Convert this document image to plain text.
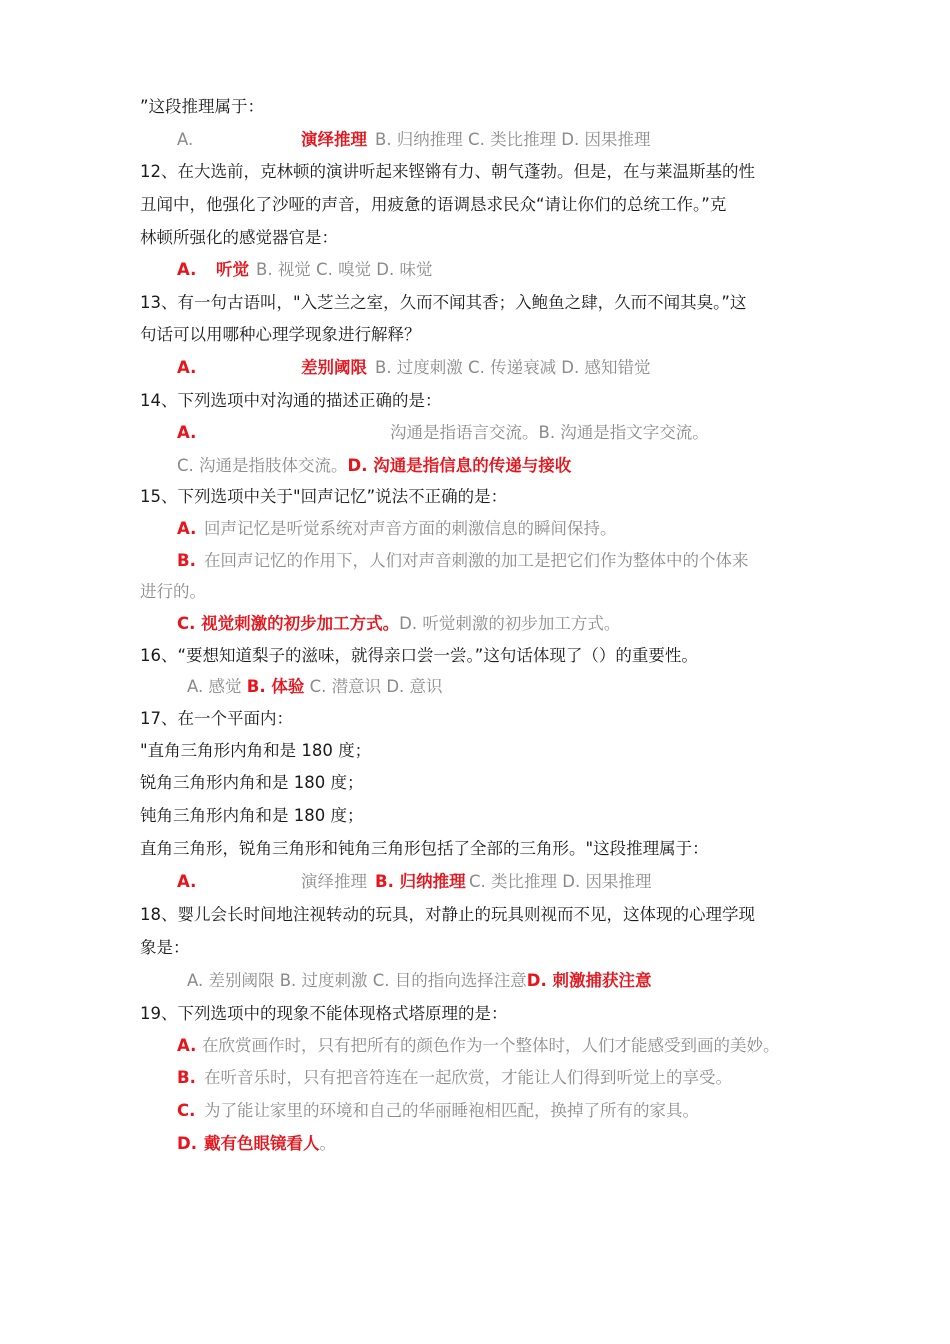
”这段推理属于：
A.	演绎推理 B. 归纳推理 C. 类比推理 D. 因果推理
12、在大选前，克林顿的演讲听起来铿锵有力、朝气蓬勃。但是，在与莱温斯基的性
丑闻中，他强化了沙哑的声音，用疲惫的语调恳求民众“请让你们的总统工作。”克
林顿所强化的感觉器官是：
A. 听觉 B. 视觉 C. 嗅觉 D. 味觉
13、有一句古语叫，"入芝兰之室，久而不闻其香；入鲍鱼之肆，久而不闻其臭。”这
句话可以用哪种心理学现象进行解释？
A.	差别阈限 B. 过度刺激 C. 传递衰减 D. 感知错觉
14、下列选项中对沟通的描述正确的是：
A.	沟通是指语言交流。B. 沟通是指文字交流。
C. 沟通是指肢体交流。D. 沟通是指信息的传递与接收
15、下列选项中关于"回声记忆”说法不正确的是：
A. 回声记忆是听觉系统对声音方面的刺激信息的瞬间保持。
B. 在回声记忆的作用下，人们对声音刺激的加工是把它们作为整体中的个体来
进行的。
C. 视觉刺激的初步加工方式。D. 听觉刺激的初步加工方式。
16、“要想知道梨子的滋味，就得亲口尝一尝。”这句话体现了（）的重要性。
A. 感觉 B. 体验 C. 潜意识 D. 意识
17、在一个平面内：
"直角三角形内角和是 180 度；
锐角三角形内角和是 180 度；
钝角三角形内角和是 180 度；
直角三角形，锐角三角形和钝角三角形包括了全部的三角形。"这段推理属于：
A.	演绎推理 B. 归纳推理 C. 类比推理 D. 因果推理
18、婴儿会长时间地注视转动的玩具，对静止的玩具则视而不见，这体现的心理学现
象是：
A. 差别阈限 B. 过度刺激 C. 目的指向选择注意D. 刺激捕获注意
19、下列选项中的现象不能体现格式塔原理的是：
A. 在欣赏画作时，只有把所有的颜色作为一个整体时，人们才能感受到画的美妙。
B. 在听音乐时，只有把音符连在一起欣赏，才能让人们得到听觉上的享受。
C. 为了能让家里的环境和自己的华丽睡袍相匹配，换掉了所有的家具。
D. 戴有色眼镜看人。
